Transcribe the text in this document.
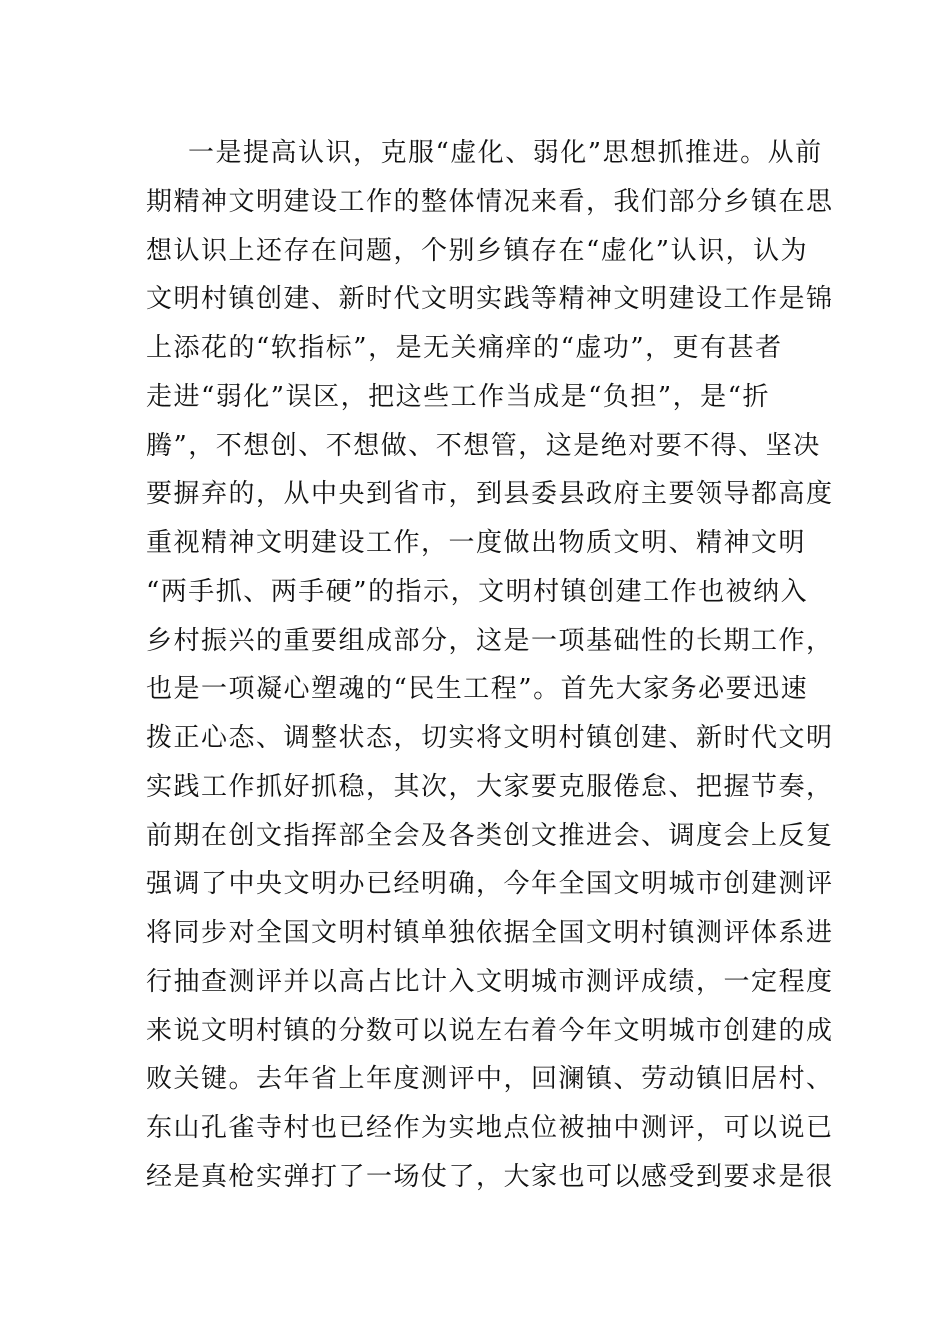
一是提高认识，克服“虚化、弱化”思想抓推进。从前
期精神文明建设工作的整体情况来看，我们部分乡镇在思
想认识上还存在问题，个别乡镇存在“虚化”认识，认为
文明村镇创建、新时代文明实践等精神文明建设工作是锦
上添花的“软指标”，是无关痛痒的“虚功”，更有甚者
走进“弱化”误区，把这些工作当成是“负担”，是“折
腾”，不想创、不想做、不想管，这是绝对要不得、坚决
要摒弃的，从中央到省市，到县委县政府主要领导都高度
重视精神文明建设工作，一度做出物质文明、精神文明
“两手抓、两手硬”的指示，文明村镇创建工作也被纳入
乡村振兴的重要组成部分，这是一项基础性的长期工作，
也是一项凝心塑魂的“民生工程”。首先大家务必要迅速
拨正心态、调整状态，切实将文明村镇创建、新时代文明
实践工作抓好抓稳，其次，大家要克服倦怠、把握节奏，
前期在创文指挥部全会及各类创文推进会、调度会上反复
强调了中央文明办已经明确，今年全国文明城市创建测评
将同步对全国文明村镇单独依据全国文明村镇测评体系进
行抽查测评并以高占比计入文明城市测评成绩，一定程度
来说文明村镇的分数可以说左右着今年文明城市创建的成
败关键。去年省上年度测评中，回澜镇、劳动镇旧居村、
东山孔雀寺村也已经作为实地点位被抽中测评，可以说已
经是真枪实弹打了一场仗了，大家也可以感受到要求是很
